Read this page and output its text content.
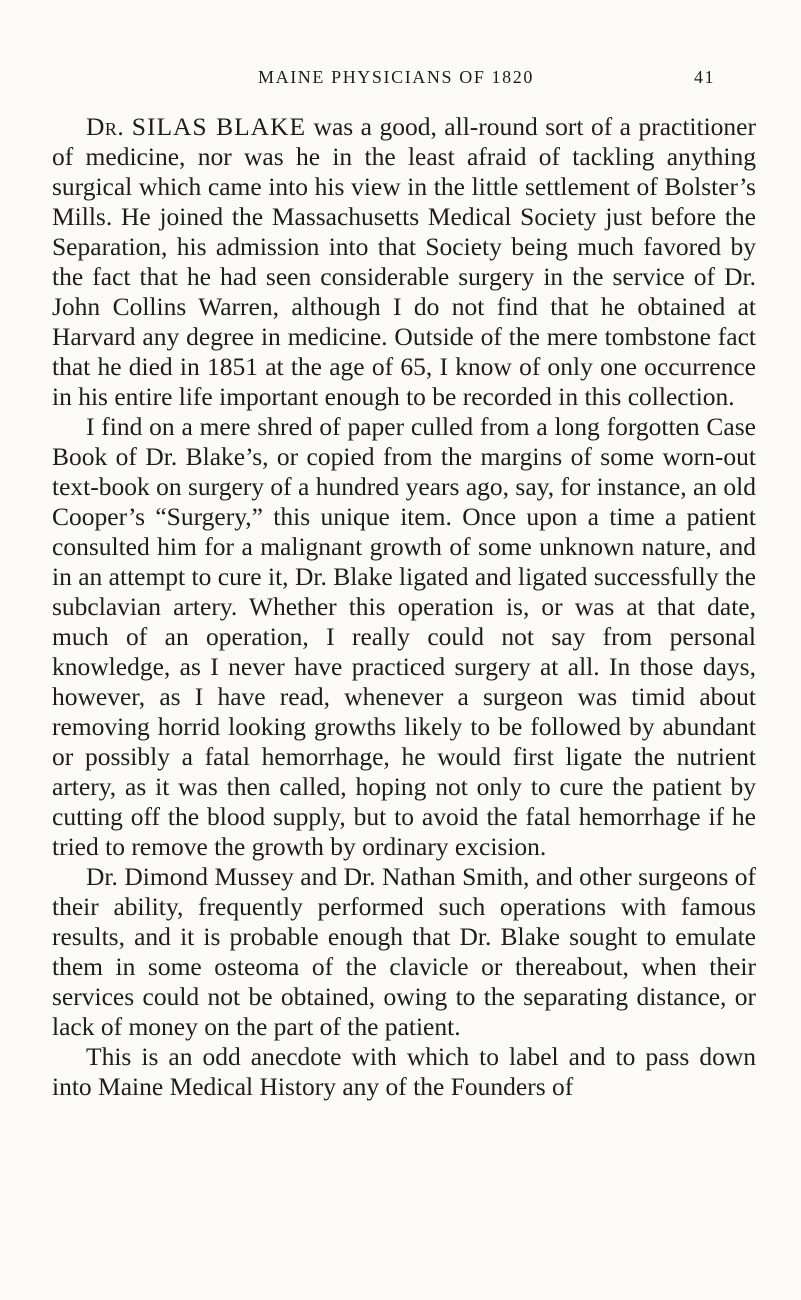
MAINE PHYSICIANS OF 1820	41

Dr. SILAS BLAKE was a good, all-round sort of a practitioner of medicine, nor was he in the least afraid of tackling anything surgical which came into his view in the little settlement of Bolster’s Mills. He joined the Massachusetts Medical Society just before the Separation, his admission into that Society being much favored by the fact that he had seen considerable surgery in the service of Dr. John Collins Warren, although I do not find that he obtained at Harvard any degree in medicine. Outside of the mere tombstone fact that he died in 1851 at the age of 65, I know of only one occurrence in his entire life important enough to be recorded in this collection.

I find on a mere shred of paper culled from a long forgotten Case Book of Dr. Blake’s, or copied from the margins of some worn-out text-book on surgery of a hundred years ago, say, for instance, an old Cooper’s “Surgery,” this unique item. Once upon a time a patient consulted him for a malignant growth of some unknown nature, and in an attempt to cure it, Dr. Blake ligated and ligated successfully the subclavian artery. Whether this operation is, or was at that date, much of an operation, I really could not say from personal knowledge, as I never have practiced surgery at all. In those days, however, as I have read, whenever a surgeon was timid about removing horrid looking growths likely to be followed by abundant or possibly a fatal hemorrhage, he would first ligate the nutrient artery, as it was then called, hoping not only to cure the patient by cutting off the blood supply, but to avoid the fatal hemorrhage if he tried to remove the growth by ordinary excision.

Dr. Dimond Mussey and Dr. Nathan Smith, and other surgeons of their ability, frequently performed such operations with famous results, and it is probable enough that Dr. Blake sought to emulate them in some osteoma of the clavicle or thereabout, when their services could not be obtained, owing to the separating distance, or lack of money on the part of the patient.

This is an odd anecdote with which to label and to pass down into Maine Medical History any of the Founders of
